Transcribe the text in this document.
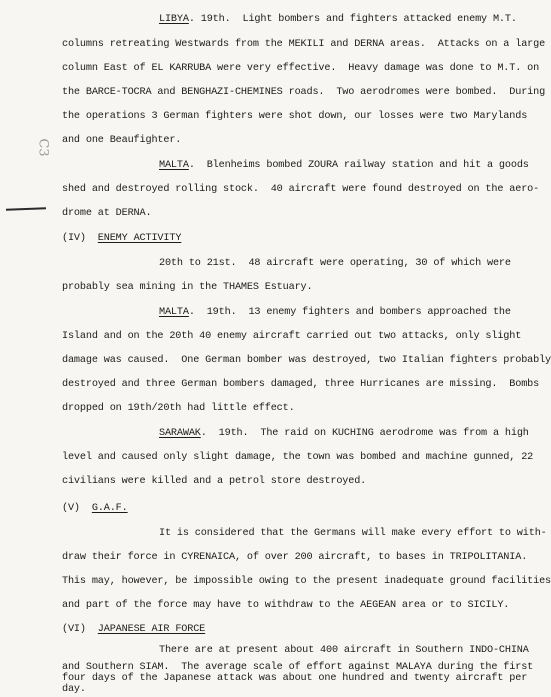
C3
LIBYA. 19th.  Light bombers and fighters attacked enemy M.T.
columns retreating Westwards from the MEKILI and DERNA areas.  Attacks on a large
column East of EL KARRUBA were very effective.  Heavy damage was done to M.T. on
the BARCE-TOCRA and BENGHAZI-CHEMINES roads.  Two aerodromes were bombed.  During
the operations 3 German fighters were shot down, our losses were two Marylands
and one Beaufighter.
MALTA.  Blenheims bombed ZOURA railway station and hit a goods
shed and destroyed rolling stock.  40 aircraft were found destroyed on the aero-
drome at DERNA.
(IV) ENEMY ACTIVITY
20th to 21st.  48 aircraft were operating, 30 of which were
probably sea mining in the THAMES Estuary.
MALTA.  19th.  13 enemy fighters and bombers approached the
Island and on the 20th 40 enemy aircraft carried out two attacks, only slight
damage was caused.  One German bomber was destroyed, two Italian fighters probably
destroyed and three German bombers damaged, three Hurricanes are missing.  Bombs
dropped on 19th/20th had little effect.
SARAWAK.  19th.  The raid on KUCHING aerodrome was from a high
level and caused only slight damage, the town was bombed and machine gunned, 22
civilians were killed and a petrol store destroyed.
(V) G.A.F.
It is considered that the Germans will make every effort to with-
draw their force in CYRENAICA, of over 200 aircraft, to bases in TRIPOLITANIA.
This may, however, be impossible owing to the present inadequate ground facilities
and part of the force may have to withdraw to the AEGEAN area or to SICILY.
(VI) JAPANESE AIR FORCE
There are at present about 400 aircraft in Southern INDO-CHINA
and Southern SIAM.  The average scale of effort against MALAYA during the first
four days of the Japanese attack was about one hundred and twenty aircraft per
day.
